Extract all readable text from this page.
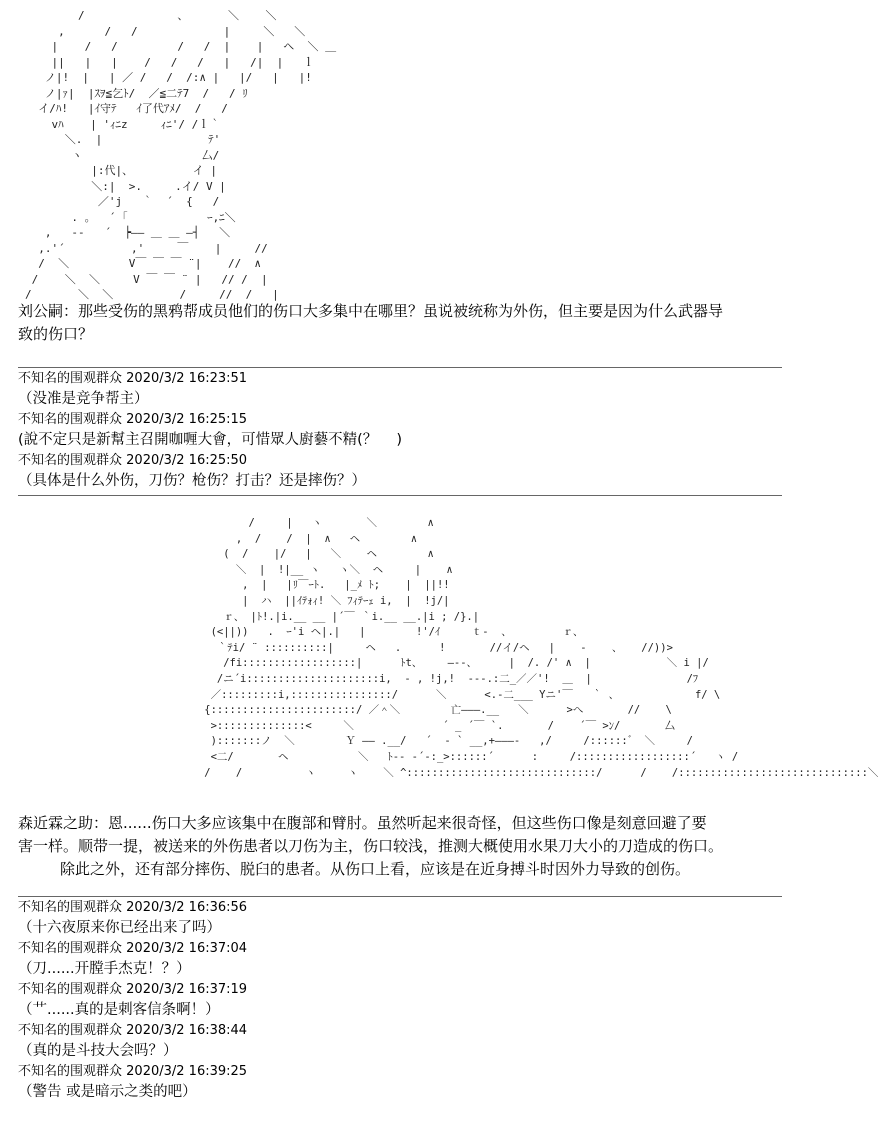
/              、      ＼    ＼
,      /   /             |     ＼   ＼
|    /   /         /   /  |    |   ヘ  ＼ ＿
||   |   |    /   /   /   |   /|  |   ｌ
ノ|!  |   | ／ /   /  /:∧ |   |/   |   |!
ノ|ｧ|  |ｽｦ≦乞ﾄ/  ／≦二ﾃ7  /   / ﾘ
イ/ﾊ!   |ｲ守ﾃ   ｲ了代ｱﾒ/  /   /
vﾊ    | 'ｨﾆz     ｨﾆ'/ /ｌ｀
＼.  |                ﾃ'
ヽ                  厶/
|:代|、         イ |
＼:|  >.     .イ/ V |
／'j   ｀  ´  {   /
. 。  ´ ｢            ｰ,ﾆ＼
,   --   ´  ┝―― ＿ ＿ ―┤   ＼
,.'´          ,'     ￣    |     //
/  ＼         V￣ ￣ ￣ ¨|    //  ∧
/    ＼  ＼     V ￣ ￣ ¨ |   // /  |
/       ＼  ＼          /     //  /   |

刘公嗣：那些受伤的黑鸦帮成员他们的伤口大多集中在哪里？虽说被统称为外伤，但主要是因为什么武器导

致的伤口？

不知名的围观群众 2020/3/2 16:23:51
（没准是竞争帮主）
不知名的围观群众 2020/3/2 16:25:15
(說不定只是新幫主召開咖喱大會，可惜眾人廚藝不精(？　 )
不知名的围观群众 2020/3/2 16:25:50
（具体是什么外伤，刀伤？枪伤？打击？还是摔伤？）
/     |   ヽ       ＼        ∧
,  /    /  |  ∧   ヘ        ∧
(  /    |/   |   ＼    ヘ        ∧
＼  |  !|__ ヽ   ヽ＼  ヘ     |    ∧
,  |   |ﾘ￣ｰﾄ.   |_ﾒ ﾄ;    |  ||!!
|  ハ  ||ｲﾃｫｨ! ＼ ﾌｨﾃｰｪ i,  |  !j/|
ｒ、 |ﾄ!.|i.__ __ |´￣ ｀i.__ __.|i ; /}.|
(<||))   .  ｰ'i ヘ|.|   |        !'/ｲ     ｔ‐  、        ｒ、
｀ﾃi/ ¨ ::::::::::|     ヘ   .      !       //イ/ヘ   |    ‐    、   //))>
/fi::::::::::::::::::|      ﾄt、    ―‐-、     |  /. /' ∧  |            ＼ i |/
/ニ´i:::::::::::::::::::::i,  ‐ , !j,!  ‐‐-.:二_／／'!  ＿  |               /ﾌ
／:::::::::i,::::::::::::::::/      ＼      <.-二___ Yニ'￣   ｀ 、            f/ \
{:::::::::::::::::::::::/ ／＾＼        亡―――.__   ＼      >へ       //    \
>::::::::::::::<     ＼              ´ _ ´￣ `.       /    ´￣ >ﾝ/       厶
):::::::ノ  ＼        Ｙ ―― .__/   ´  ‐ ` __,+―――-   ,/     /::::::゛ ＼     /
<二/       ヘ           ＼   ﾄ‐‐ ‐´‐:_>::::::´      :     /::::::::::::::::::´   ヽ /
/    /          ヽ     ヽ    ＼ ^::::::::::::::::::::::::::::::/      /    /::::::::::::::::::::::::::::::＼

森近霖之助：恩......伤口大多应该集中在腹部和臂肘。虽然听起来很奇怪，但这些伤口像是刻意回避了要

害一样。顺带一提，被送来的外伤患者以刀伤为主，伤口较浅，推测大概使用水果刀大小的刀造成的伤口。

除此之外，还有部分摔伤、脱臼的患者。从伤口上看，应该是在近身搏斗时因外力导致的创伤。

不知名的围观群众 2020/3/2 16:36:56
（十六夜原来你已经出来了吗）
不知名的围观群众 2020/3/2 16:37:04
（刀......开膛手杰克！？）
不知名的围观群众 2020/3/2 16:37:19
（艹......真的是刺客信条啊！）
不知名的围观群众 2020/3/2 16:38:44
（真的是斗技大会吗？）
不知名的围观群众 2020/3/2 16:39:25
（警告 或是暗示之类的吧）
